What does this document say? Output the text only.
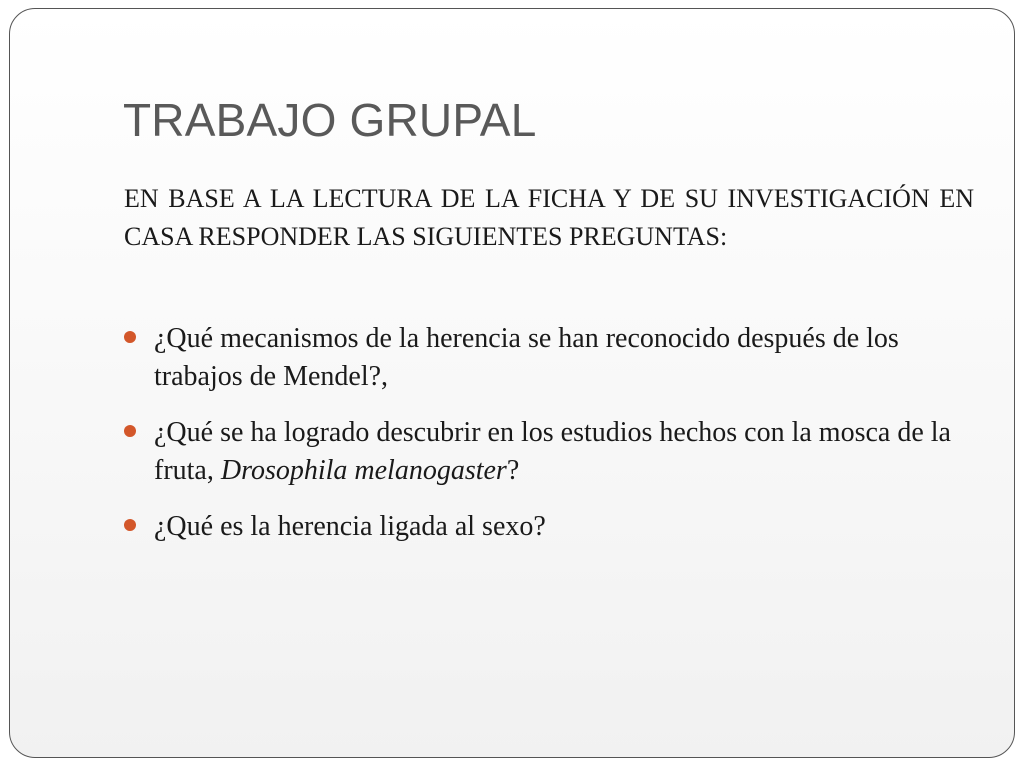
TRABAJO GRUPAL

EN BASE A LA LECTURA DE LA FICHA Y DE SU INVESTIGACIÓN EN CASA RESPONDER LAS SIGUIENTES PREGUNTAS:

¿Qué mecanismos de la herencia se han reconocido después de los trabajos de Mendel?,
¿Qué se ha logrado descubrir en los estudios hechos con la mosca de la fruta, Drosophila melanogaster?
¿Qué es la herencia ligada al sexo?
